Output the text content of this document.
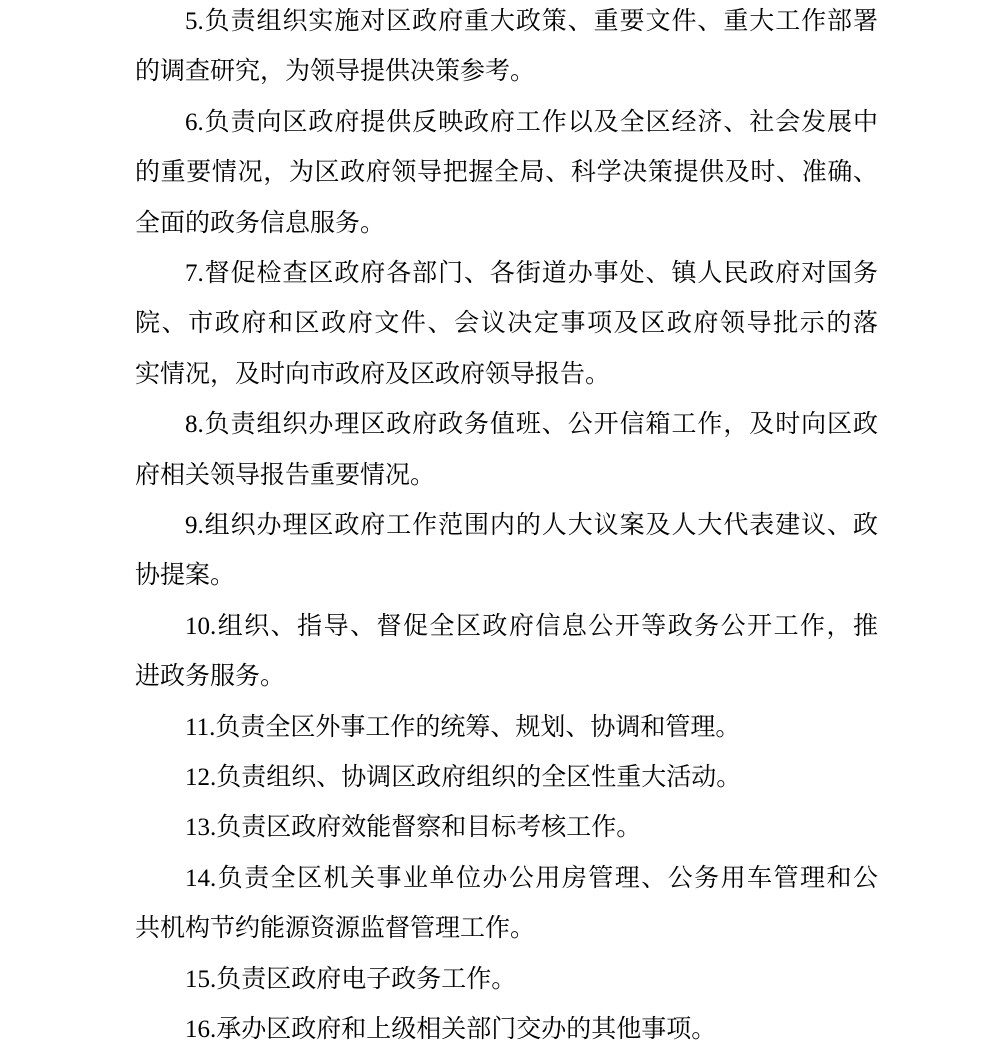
5.负责组织实施对区政府重大政策、重要文件、重大工作部署
的调查研究，为领导提供决策参考。
6.负责向区政府提供反映政府工作以及全区经济、社会发展中
的重要情况，为区政府领导把握全局、科学决策提供及时、准确、
全面的政务信息服务。
7.督促检查区政府各部门、各街道办事处、镇人民政府对国务
院、市政府和区政府文件、会议决定事项及区政府领导批示的落
实情况，及时向市政府及区政府领导报告。
8.负责组织办理区政府政务值班、公开信箱工作，及时向区政
府相关领导报告重要情况。
9.组织办理区政府工作范围内的人大议案及人大代表建议、政
协提案。
10.组织、指导、督促全区政府信息公开等政务公开工作，推
进政务服务。
11.负责全区外事工作的统筹、规划、协调和管理。
12.负责组织、协调区政府组织的全区性重大活动。
13.负责区政府效能督察和目标考核工作。
14.负责全区机关事业单位办公用房管理、公务用车管理和公
共机构节约能源资源监督管理工作。
15.负责区政府电子政务工作。
16.承办区政府和上级相关部门交办的其他事项。
